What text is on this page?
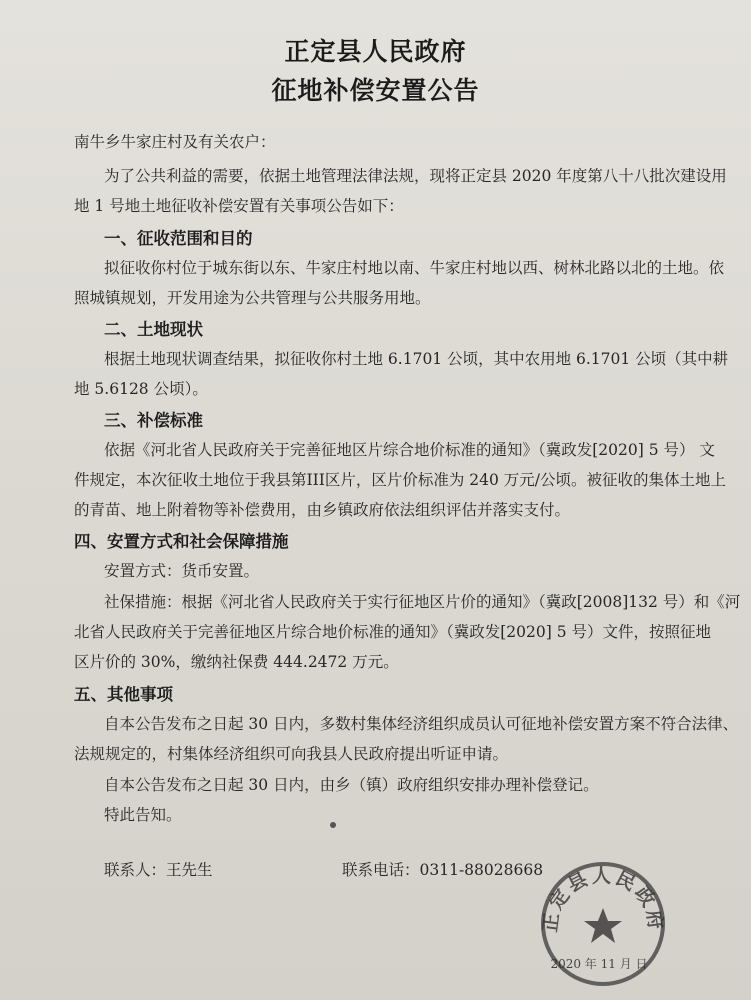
正定县人民政府
征地补偿安置公告
南牛乡牛家庄村及有关农户：
为了公共利益的需要，依据土地管理法律法规，现将正定县 2020 年度第八十八批次建设用
地 1 号地土地征收补偿安置有关事项公告如下：
一、征收范围和目的
拟征收你村位于城东街以东、牛家庄村地以南、牛家庄村地以西、树林北路以北的土地。依
照城镇规划，开发用途为公共管理与公共服务用地。
二、土地现状
根据土地现状调查结果，拟征收你村土地 6.1701 公顷，其中农用地 6.1701 公顷（其中耕
地 5.6128 公顷）。
三、补偿标准
依据《河北省人民政府关于完善征地区片综合地价标准的通知》（冀政发[2020] 5 号） 文
件规定，本次征收土地位于我县第III区片，区片价标准为 240 万元/公顷。被征收的集体土地上
的青苗、地上附着物等补偿费用，由乡镇政府依法组织评估并落实支付。
四、安置方式和社会保障措施
安置方式：货币安置。
社保措施：根据《河北省人民政府关于实行征地区片价的通知》（冀政[2008]132 号）和《河
北省人民政府关于完善征地区片综合地价标准的通知》（冀政发[2020] 5 号）文件，按照征地
区片价的 30%，缴纳社保费 444.2472 万元。
五、其他事项
自本公告发布之日起 30 日内，多数村集体经济组织成员认可征地补偿安置方案不符合法律、
法规规定的，村集体经济组织可向我县人民政府提出听证申请。
自本公告发布之日起 30 日内，由乡（镇）政府组织安排办理补偿登记。
特此告知。
联系人：王先生	联系电话：0311-88028668
正定县人民政府
2020 年 11 月 日
